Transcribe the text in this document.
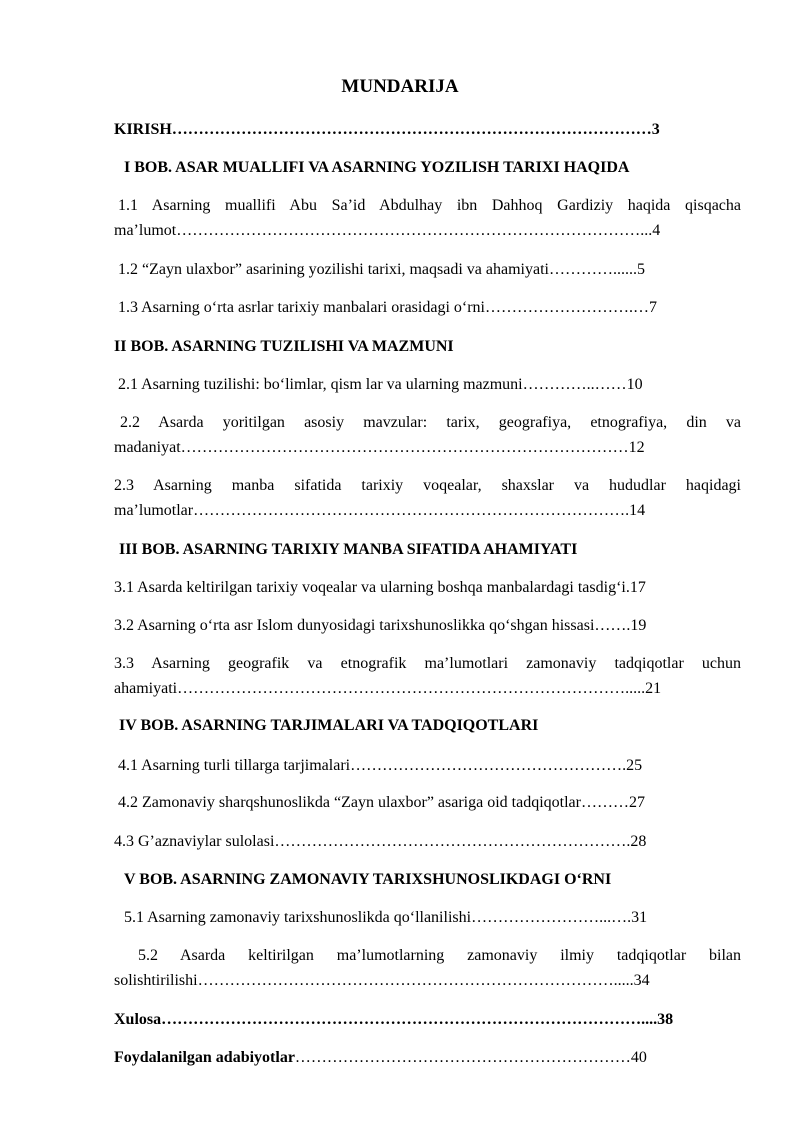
MUNDARIJA
KIRISH………………………………………………………………………………3
I BOB. ASAR MUALLIFI VA ASARNING YOZILISH TARIXI HAQIDA
1.1 Asarning muallifi Abu Sa’id Abdulhay ibn Dahhoq Gardiziy haqida qisqacha
ma’lumot……………………………………………………………………………...4
1.2 “Zayn ulaxbor” asarining yozilishi tarixi, maqsadi va ahamiyati…………......5
1.3 Asarning o‘rta asrlar tarixiy manbalari orasidagi o‘rni……………………….…7
II BOB. ASARNING TUZILISHI VA MAZMUNI
2.1 Asarning tuzilishi: bo‘limlar, qism lar va ularning mazmuni…………..……10
2.2 Asarda yoritilgan asosiy mavzular: tarix, geografiya, etnografiya, din va
madaniyat…………………………………………………………………………12
2.3 Asarning manba sifatida tarixiy voqealar, shaxslar va hududlar haqidagi
ma’lumotlar……………………………………………………………………….14
III BOB. ASARNING TARIXIY MANBA SIFATIDA AHAMIYATI
3.1 Asarda keltirilgan tarixiy voqealar va ularning boshqa manbalardagi tasdig‘i.17
3.2 Asarning o‘rta asr Islom dunyosidagi tarixshunoslikka qo‘shgan hissasi…….19
3.3 Asarning geografik va etnografik ma’lumotlari zamonaviy tadqiqotlar uchun
ahamiyati………………………………………………………………………….....21
IV BOB. ASARNING TARJIMALARI VA TADQIQOTLARI
4.1 Asarning turli tillarga tarjimalari…………………………………………….25
4.2 Zamonaviy sharqshunoslikda “Zayn ulaxbor” asariga oid tadqiqotlar………27
4.3 G’aznaviylar sulolasi………………………………………………………….28
V BOB. ASARNING ZAMONAVIY TARIXSHUNOSLIKDAGI O‘RNI
5.1 Asarning zamonaviy tarixshunoslikda qo‘llanilishi……………………...….31
5.2 Asarda keltirilgan ma’lumotlarning zamonaviy ilmiy tadqiqotlar bilan
solishtirilishi…………………………………………………………………….....34
Xulosa………………………………………………………………………………....38
Foydalanilgan adabiyotlar………………………………………………………40
